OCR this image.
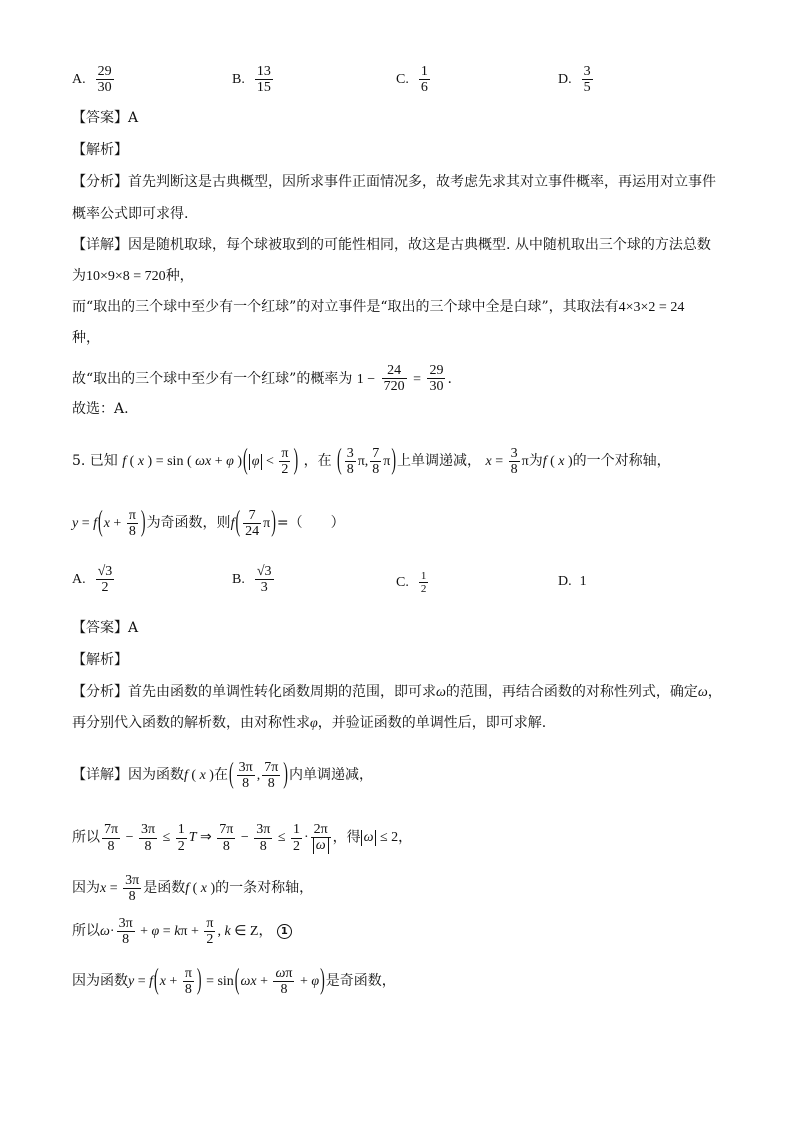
A. $\frac{29}{30}$	B. $\frac{13}{15}$	C. $\frac{1}{6}$	D. $\frac{3}{5}$
【答案】A
【解析】
【分析】首先判断这是古典概型，因所求事件正面情况多，故考虑先求其对立事件概率，再运用对立事件
概率公式即可求得.
【详解】因是随机取球，每个球被取到的可能性相同，故这是古典概型. 从中随机取出三个球的方法总数
为10×9×8 = 720种，
而“取出的三个球中至少有一个红球”的对立事件是“取出的三个球中全是白球”，其取法有4×3×2 = 24
种，
故“取出的三个球中至少有一个红球”的概率为 $1 - \frac{24}{720} = \frac{29}{30}$ .
故选：A.
5. 已知 f ( x ) = sin ( ωx + φ )( $\varphi < \frac{\pi}{2}$ ) ，在 ( $\frac{3}{8} \pi$, $\frac{7}{8} \pi$)上单调递减， $x = \frac{3}{8}$ π为f ( x )的一个对称轴，
$y = f(x + \frac{\pi}{8}$ )为奇函数，则$f( \frac{7}{24} \pi)=$（　　）
A. $\frac{√3}{2}$	B. $\frac{√3}{3}$	C. $\frac{1}{2}$	D. 1
【答案】A
【解析】
【分析】首先由函数的单调性转化函数周期的范围，即可求ω的范围，再结合函数的对称性列式，确定ω，
再分别代入函数的解析数，由对称性求φ，并验证函数的单调性后，即可求解.
【详解】因为函数f ( x )在( $\frac{3\pi}{8}$ , $\frac{7\pi}{8}$ )内单调递减，
所以 $\frac{7\pi}{8} - \frac{3\pi}{8} \le \frac{1}{2}$ T ⇒ $\frac{7\pi}{8} - \frac{3\pi}{8} \le \frac{1}{2} \cdot \frac{2\pi}{\omega}$ ，得 ω ≤ 2，
因为$x = \frac{3\pi}{8}$ 是函数f ( x )的一条对称轴，
所以$\omega\cdot \frac{3\pi}{8} + \varphi = k\pi + \frac{\pi}{2}$ , k ∈ Z， 1
因为函数$y = f(x + \frac{\pi}{8}$ ) = $\sin(\omega x + \frac{\omega\pi}{8} + \varphi)$是奇函数，
